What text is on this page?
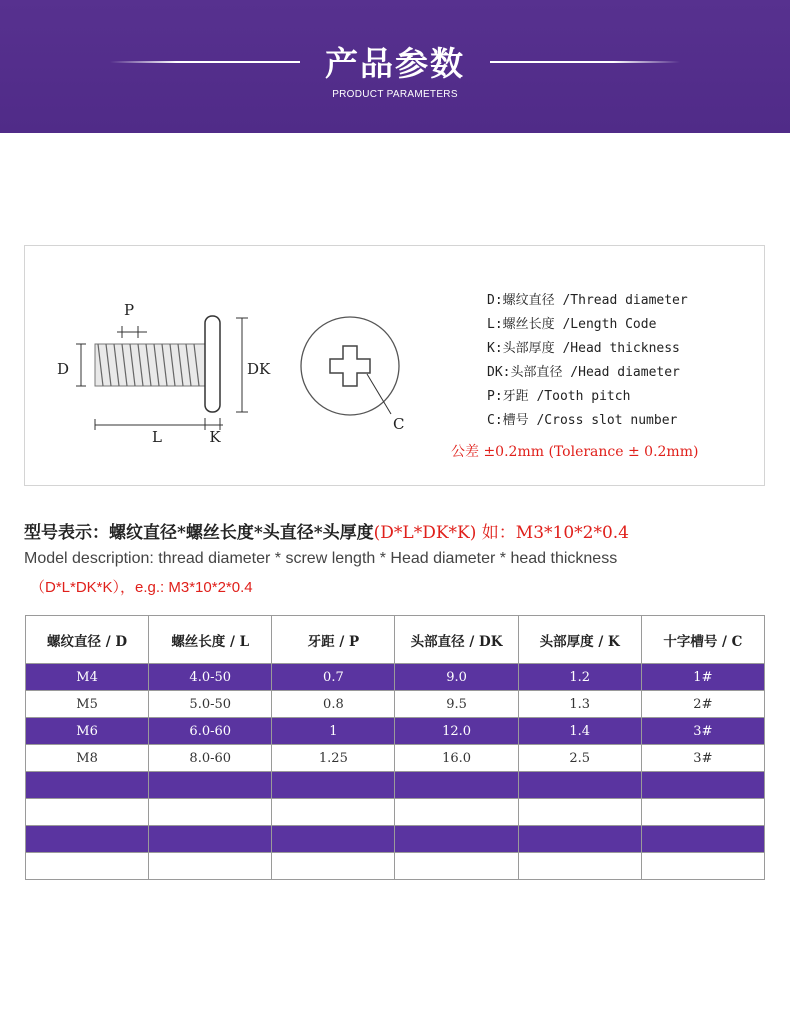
产品参数
PRODUCT PARAMETERS
P
D	DK
L	K
C
D:螺纹直径 /Thread diameter
L:螺丝长度 /Length Code
K:头部厚度 /Head thickness
DK:头部直径 /Head diameter
P:牙距 /Tooth pitch
C:槽号 /Cross slot number
公差 ±0.2mm (Tolerance ± 0.2mm)
型号表示：螺纹直径*螺丝长度*头直径*头厚度(D*L*DK*K) 如：M3*10*2*0.4
Model description: thread diameter * screw length * Head diameter * head thickness
（D*L*DK*K），e.g.: M3*10*2*0.4
螺纹直径 / D	螺丝长度 / L	牙距 / P	头部直径 / DK	头部厚度 / K	十字槽号 / C
M4	4.0-50	0.7	9.0	1.2	1#
M5	5.0-50	0.8	9.5	1.3	2#
M6	6.0-60	1	12.0	1.4	3#
M8	8.0-60	1.25	16.0	2.5	3#
